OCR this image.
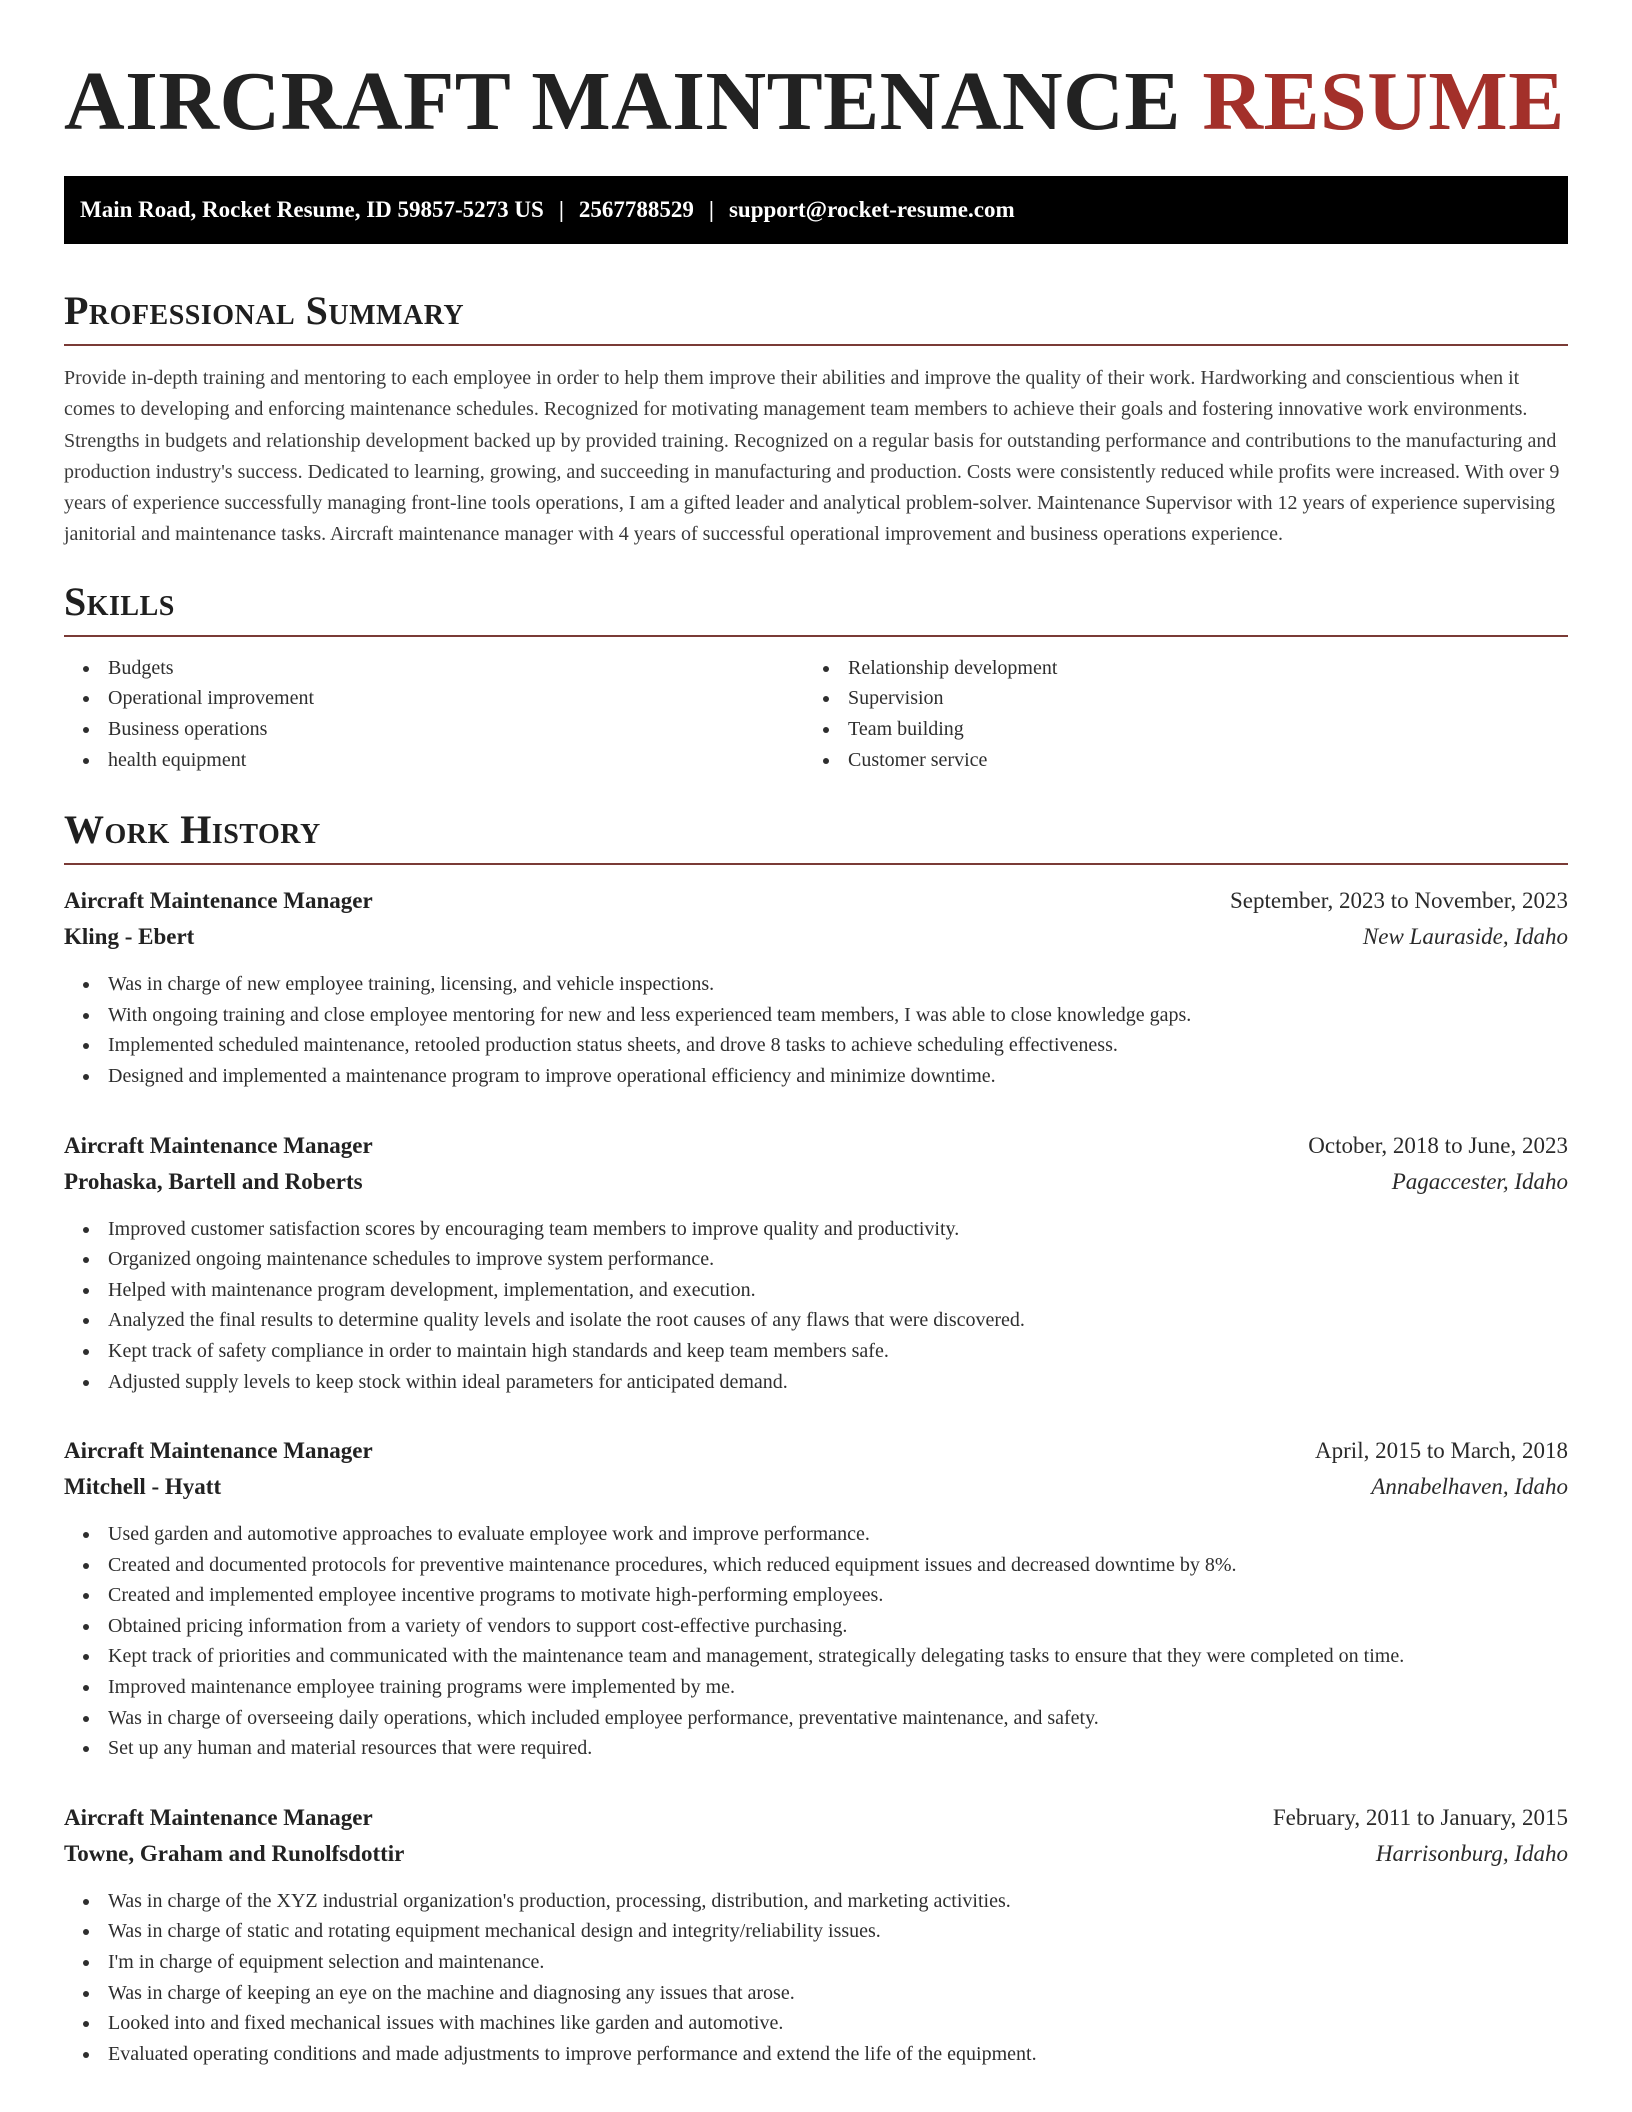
AIRCRAFT MAINTENANCE RESUME
Main Road, Rocket Resume, ID 59857-5273 US | 2567788529 | support@rocket-resume.com
Professional Summary

Provide in-depth training and mentoring to each employee in order to help them improve their abilities and improve the quality of their work. Hardworking and conscientious when it comes to developing and enforcing maintenance schedules. Recognized for motivating management team members to achieve their goals and fostering innovative work environments. Strengths in budgets and relationship development backed up by provided training. Recognized on a regular basis for outstanding performance and contributions to the manufacturing and production industry's success. Dedicated to learning, growing, and succeeding in manufacturing and production. Costs were consistently reduced while profits were increased. With over 9 years of experience successfully managing front-line tools operations, I am a gifted leader and analytical problem-solver. Maintenance Supervisor with 12 years of experience supervising janitorial and maintenance tasks. Aircraft maintenance manager with 4 years of successful operational improvement and business operations experience.

Skills
Budgets
Operational improvement
Business operations
health equipment
Relationship development
Supervision
Team building
Customer service
Work History
Aircraft Maintenance Manager	September, 2023 to November, 2023
Kling - Ebert	New Lauraside, Idaho
Was in charge of new employee training, licensing, and vehicle inspections.
With ongoing training and close employee mentoring for new and less experienced team members, I was able to close knowledge gaps.
Implemented scheduled maintenance, retooled production status sheets, and drove 8 tasks to achieve scheduling effectiveness.
Designed and implemented a maintenance program to improve operational efficiency and minimize downtime.
Aircraft Maintenance Manager	October, 2018 to June, 2023
Prohaska, Bartell and Roberts	Pagaccester, Idaho
Improved customer satisfaction scores by encouraging team members to improve quality and productivity.
Organized ongoing maintenance schedules to improve system performance.
Helped with maintenance program development, implementation, and execution.
Analyzed the final results to determine quality levels and isolate the root causes of any flaws that were discovered.
Kept track of safety compliance in order to maintain high standards and keep team members safe.
Adjusted supply levels to keep stock within ideal parameters for anticipated demand.
Aircraft Maintenance Manager	April, 2015 to March, 2018
Mitchell - Hyatt	Annabelhaven, Idaho
Used garden and automotive approaches to evaluate employee work and improve performance.
Created and documented protocols for preventive maintenance procedures, which reduced equipment issues and decreased downtime by 8%.
Created and implemented employee incentive programs to motivate high-performing employees.
Obtained pricing information from a variety of vendors to support cost-effective purchasing.
Kept track of priorities and communicated with the maintenance team and management, strategically delegating tasks to ensure that they were completed on time.
Improved maintenance employee training programs were implemented by me.
Was in charge of overseeing daily operations, which included employee performance, preventative maintenance, and safety.
Set up any human and material resources that were required.
Aircraft Maintenance Manager	February, 2011 to January, 2015
Towne, Graham and Runolfsdottir	Harrisonburg, Idaho
Was in charge of the XYZ industrial organization's production, processing, distribution, and marketing activities.
Was in charge of static and rotating equipment mechanical design and integrity/reliability issues.
I'm in charge of equipment selection and maintenance.
Was in charge of keeping an eye on the machine and diagnosing any issues that arose.
Looked into and fixed mechanical issues with machines like garden and automotive.
Evaluated operating conditions and made adjustments to improve performance and extend the life of the equipment.
